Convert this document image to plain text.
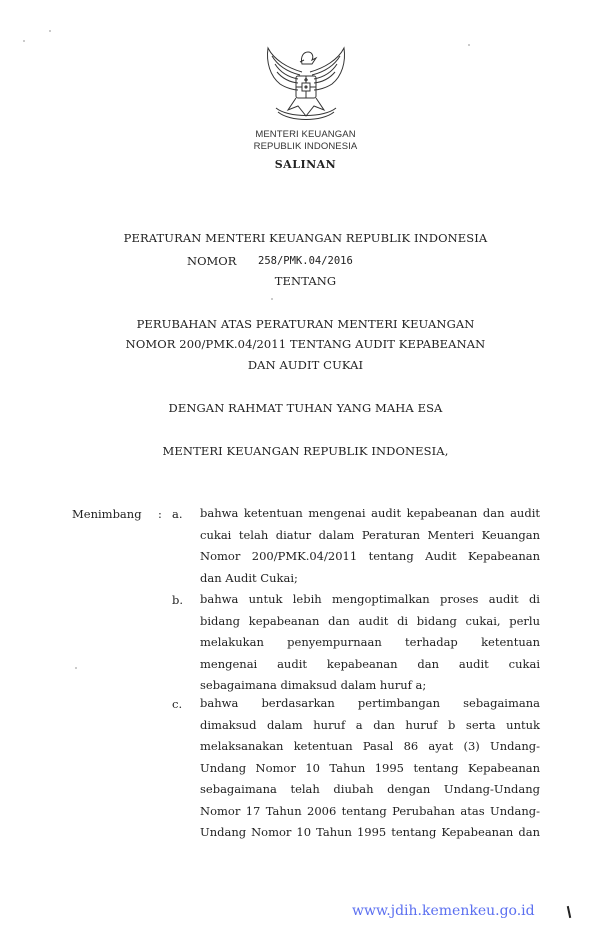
MENTERI KEUANGAN
REPUBLIK INDONESIA
SALINAN
PERATURAN MENTERI KEUANGAN REPUBLIK INDONESIA
NOMOR 258/PMK.04/2016
TENTANG
PERUBAHAN ATAS PERATURAN MENTERI KEUANGAN
NOMOR 200/PMK.04/2011 TENTANG AUDIT KEPABEANAN
DAN AUDIT CUKAI
DENGAN RAHMAT TUHAN YANG MAHA ESA
MENTERI KEUANGAN REPUBLIK INDONESIA,
Menimbang : a. bahwa ketentuan mengenai audit kepabeanan dan audit
cukai telah diatur dalam Peraturan Menteri Keuangan
Nomor 200/PMK.04/2011 tentang Audit Kepabeanan
dan Audit Cukai;
b. bahwa untuk lebih mengoptimalkan proses audit di
bidang kepabeanan dan audit di bidang cukai, perlu
melakukan penyempurnaan terhadap ketentuan
mengenai audit kepabeanan dan audit cukai
sebagaimana dimaksud dalam huruf a;
c. bahwa berdasarkan pertimbangan sebagaimana
dimaksud dalam huruf a dan huruf b serta untuk
melaksanakan ketentuan Pasal 86 ayat (3) Undang-
Undang Nomor 10 Tahun 1995 tentang Kepabeanan
sebagaimana telah diubah dengan Undang-Undang
Nomor 17 Tahun 2006 tentang Perubahan atas Undang-
Undang Nomor 10 Tahun 1995 tentang Kepabeanan dan
www.jdih.kemenkeu.go.id
